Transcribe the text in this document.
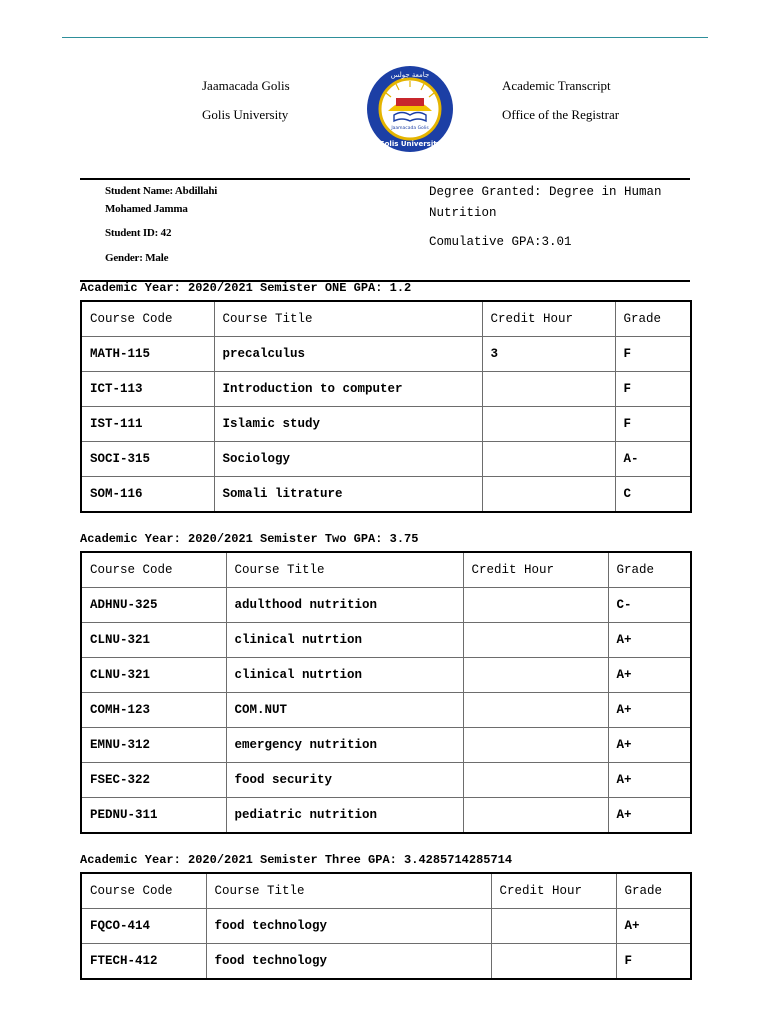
Jaamacada Golis
Golis University
Academic Transcript
Office of the Registrar
Jaamacada Golis
جامعة جولس
Golis University
Student Name: Abdillahi
Mohamed Jamma
Student ID: 42
Gender: Male
Degree Granted: Degree in Human
Nutrition
Comulative GPA:3.01
Academic Year: 2020/2021 Semister ONE GPA: 1.2
Course Code	Course Title	Credit Hour	Grade
MATH-115	precalculus	3	F
ICT-113	Introduction to computer		F
IST-111	Islamic study		F
SOCI-315	Sociology		A-
SOM-116	Somali litrature		C
Academic Year: 2020/2021 Semister Two GPA: 3.75
Course Code	Course Title	Credit Hour	Grade
ADHNU-325	adulthood nutrition		C-
CLNU-321	clinical nutrtion		A+
CLNU-321	clinical nutrtion		A+
COMH-123	COM.NUT		A+
EMNU-312	emergency nutrition		A+
FSEC-322	food security		A+
PEDNU-311	pediatric nutrition		A+
Academic Year: 2020/2021 Semister Three GPA: 3.4285714285714
Course Code	Course Title	Credit Hour	Grade
FQCO-414	food technology		A+
FTECH-412	food technology		F
